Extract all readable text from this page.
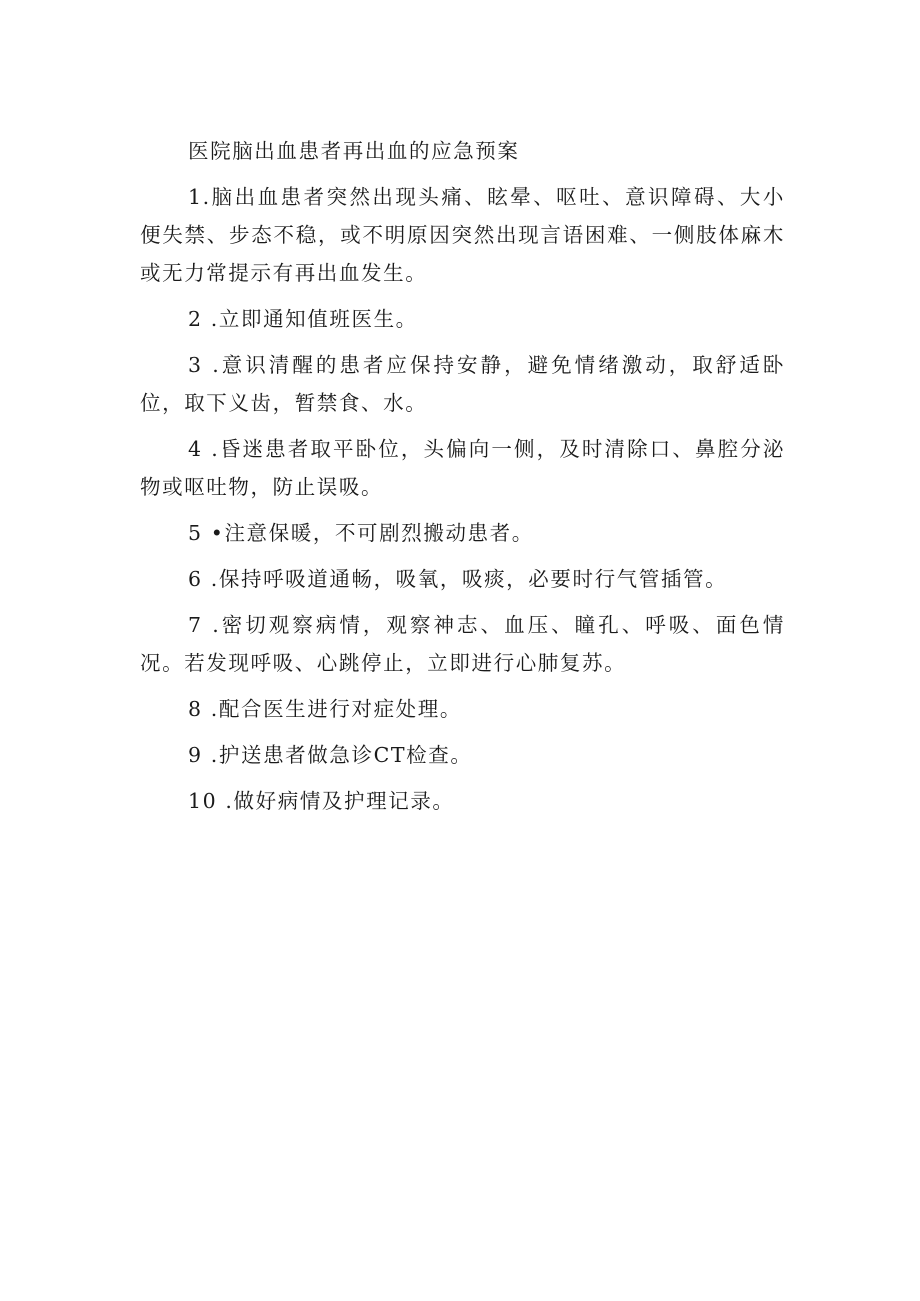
医院脑出血患者再出血的应急预案

1.脑出血患者突然出现头痛、眩晕、呕吐、意识障碍、大小便失禁、步态不稳，或不明原因突然出现言语困难、一侧肢体麻木或无力常提示有再出血发生。

2 .立即通知值班医生。

3 .意识清醒的患者应保持安静，避免情绪激动，取舒适卧位，取下义齿，暂禁食、水。

4 .昏迷患者取平卧位，头偏向一侧，及时清除口、鼻腔分泌物或呕吐物，防止误吸。

5 •注意保暖，不可剧烈搬动患者。

6 .保持呼吸道通畅，吸氧，吸痰，必要时行气管插管。

7 .密切观察病情，观察神志、血压、瞳孔、呼吸、面色情况。若发现呼吸、心跳停止，立即进行心肺复苏。

8 .配合医生进行对症处理。

9 .护送患者做急诊CT检查。

10 .做好病情及护理记录。
